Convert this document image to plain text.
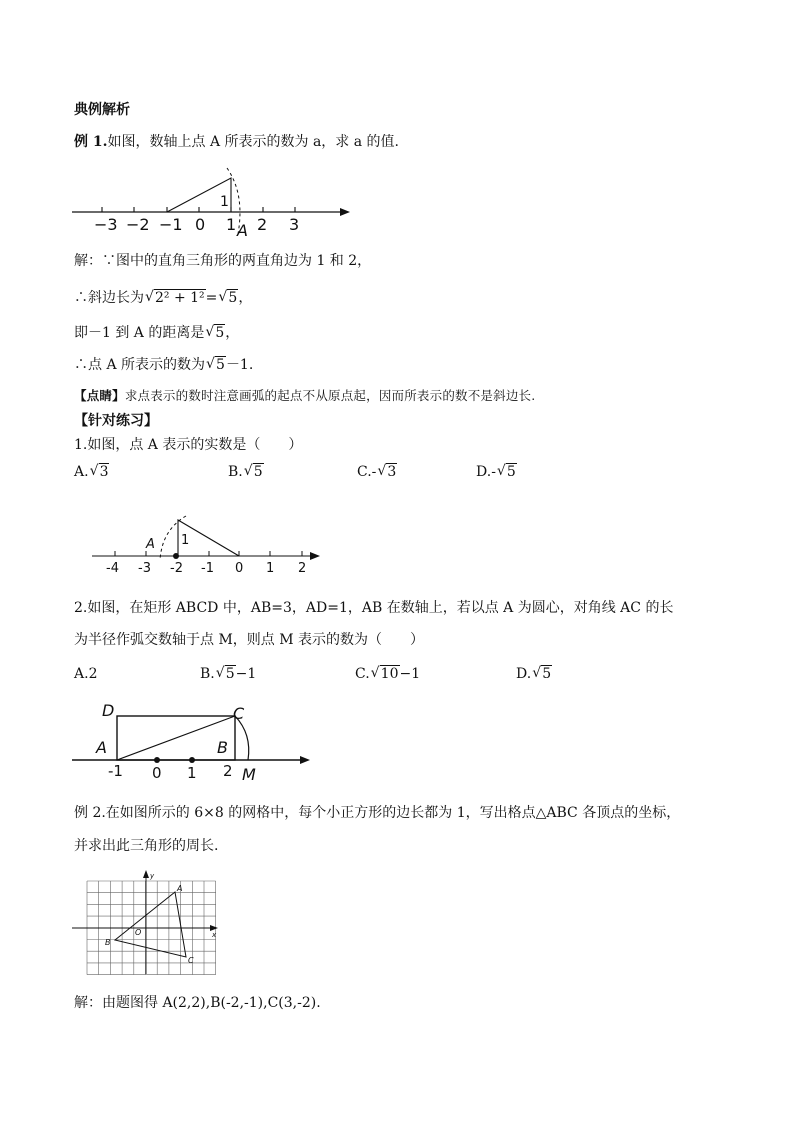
典例解析
例 1.如图，数轴上点 A 所表示的数为 a，求 a 的值.
1
−3 −2 −1 0 1 2 3
A
解：∵图中的直角三角形的两直角边为 1 和 2，
∴斜边长为 √ 2² + 1²= √ 5，
即－1 到 A 的距离是 √ 5，
∴点 A 所表示的数为 √ 5－1.
【点睛】求点表示的数时注意画弧的起点不从原点起，因而所表示的数不是斜边长.
【针对练习】
1.如图，点 A 表示的实数是（　　）
A. √ 3	B. √ 5	C.- √ 3	D.- √ 5
1
A
-4 -3 -2 -1 0 1 2
2.如图，在矩形 ABCD 中，AB=3，AD=1，AB 在数轴上，若以点 A 为圆心，对角线 AC 的长
为半径作弧交数轴于点 M，则点 M 表示的数为（　　）
A.2	B. √ 5−1	C. √ 10−1	D. √ 5
D	C
A	B
M
-1 0 1 2
例 2.在如图所示的 6×8 的网格中，每个小正方形的边长都为 1，写出格点△ABC 各顶点的坐标，
并求出此三角形的周长.
A
B
C
O	x
y
解：由题图得 A(2,2),B(-2,-1),C(3,-2).
